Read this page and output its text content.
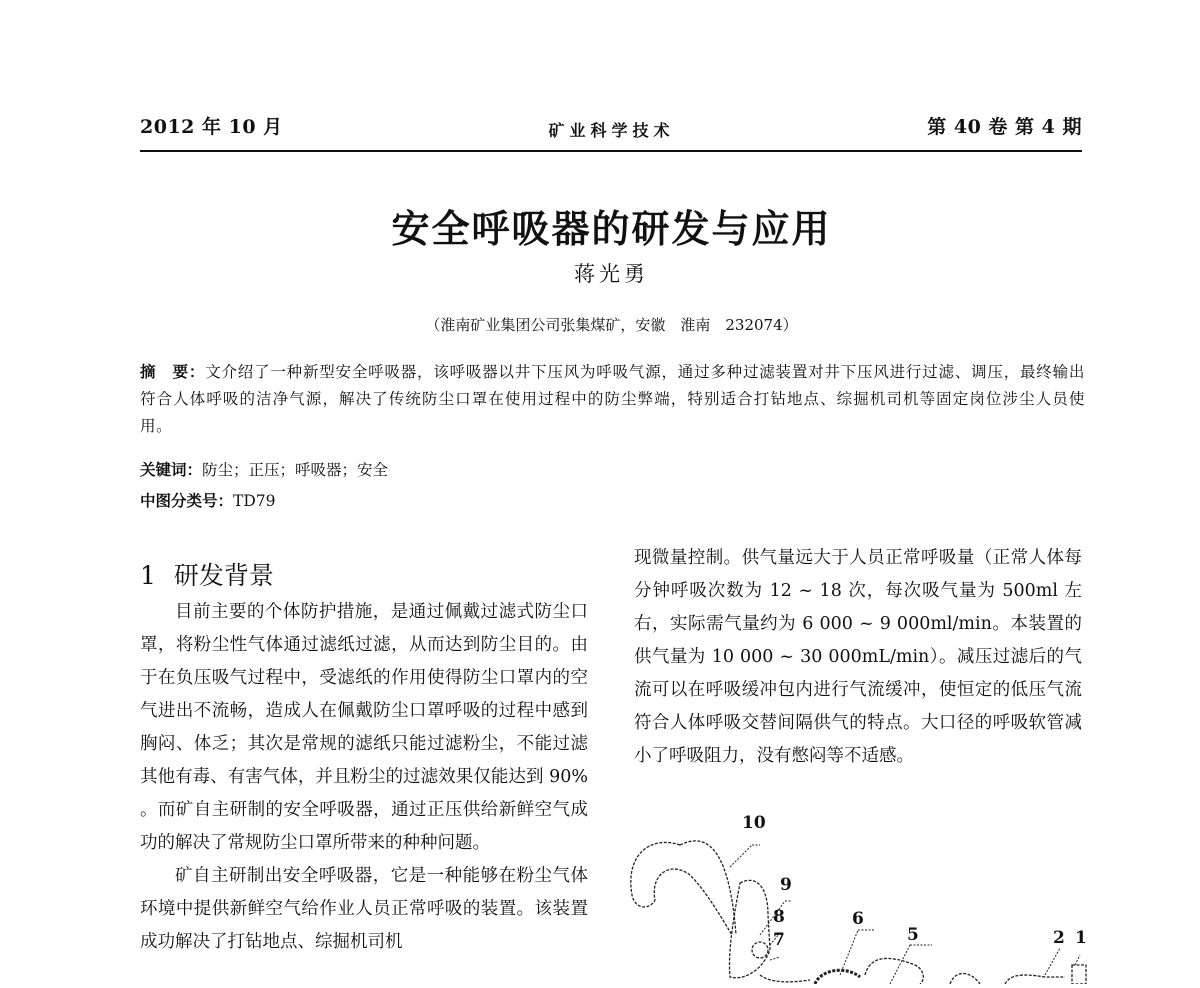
2012 年 10 月	矿业科学技术	第 40 卷 第 4 期
安全呼吸器的研发与应用
蒋光勇
（淮南矿业集团公司张集煤矿，安徽　淮南　232074）
摘　要：文介绍了一种新型安全呼吸器，该呼吸器以井下压风为呼吸气源，通过多种过滤装置对井下压风进行过滤、调压，最终输出符合人体呼吸的洁净气源，解决了传统防尘口罩在使用过程中的防尘弊端，特别适合打钻地点、综掘机司机等固定岗位涉尘人员使用。
关键词：防尘；正压；呼吸器；安全
中图分类号：TD79
1 研发背景

目前主要的个体防护措施，是通过佩戴过滤式防尘口罩，将粉尘性气体通过滤纸过滤，从而达到防尘目的。由于在负压吸气过程中，受滤纸的作用使得防尘口罩内的空气进出不流畅，造成人在佩戴防尘口罩呼吸的过程中感到胸闷、体乏；其次是常规的滤纸只能过滤粉尘，不能过滤其他有毒、有害气体，并且粉尘的过滤效果仅能达到 90% 。而矿自主研制的安全呼吸器，通过正压供给新鲜空气成功的解决了常规防尘口罩所带来的种种问题。

矿自主研制出安全呼吸器，它是一种能够在粉尘气体环境中提供新鲜空气给作业人员正常呼吸的装置。该装置成功解决了打钻地点、综掘机司机

现微量控制。供气量远大于人员正常呼吸量（正常人体每分钟呼吸次数为 12 ~ 18 次，每次吸气量为 500ml 左右，实际需气量约为 6 000 ~ 9 000ml/min。本装置的供气量为 10 000 ~ 30 000mL/min）。减压过滤后的气流可以在呼吸缓冲包内进行气流缓冲，使恒定的低压气流符合人体呼吸交替间隔供气的特点。大口径的呼吸软管减小了呼吸阻力，没有憋闷等不适感。

10
9
8
7
6
5	2 1
